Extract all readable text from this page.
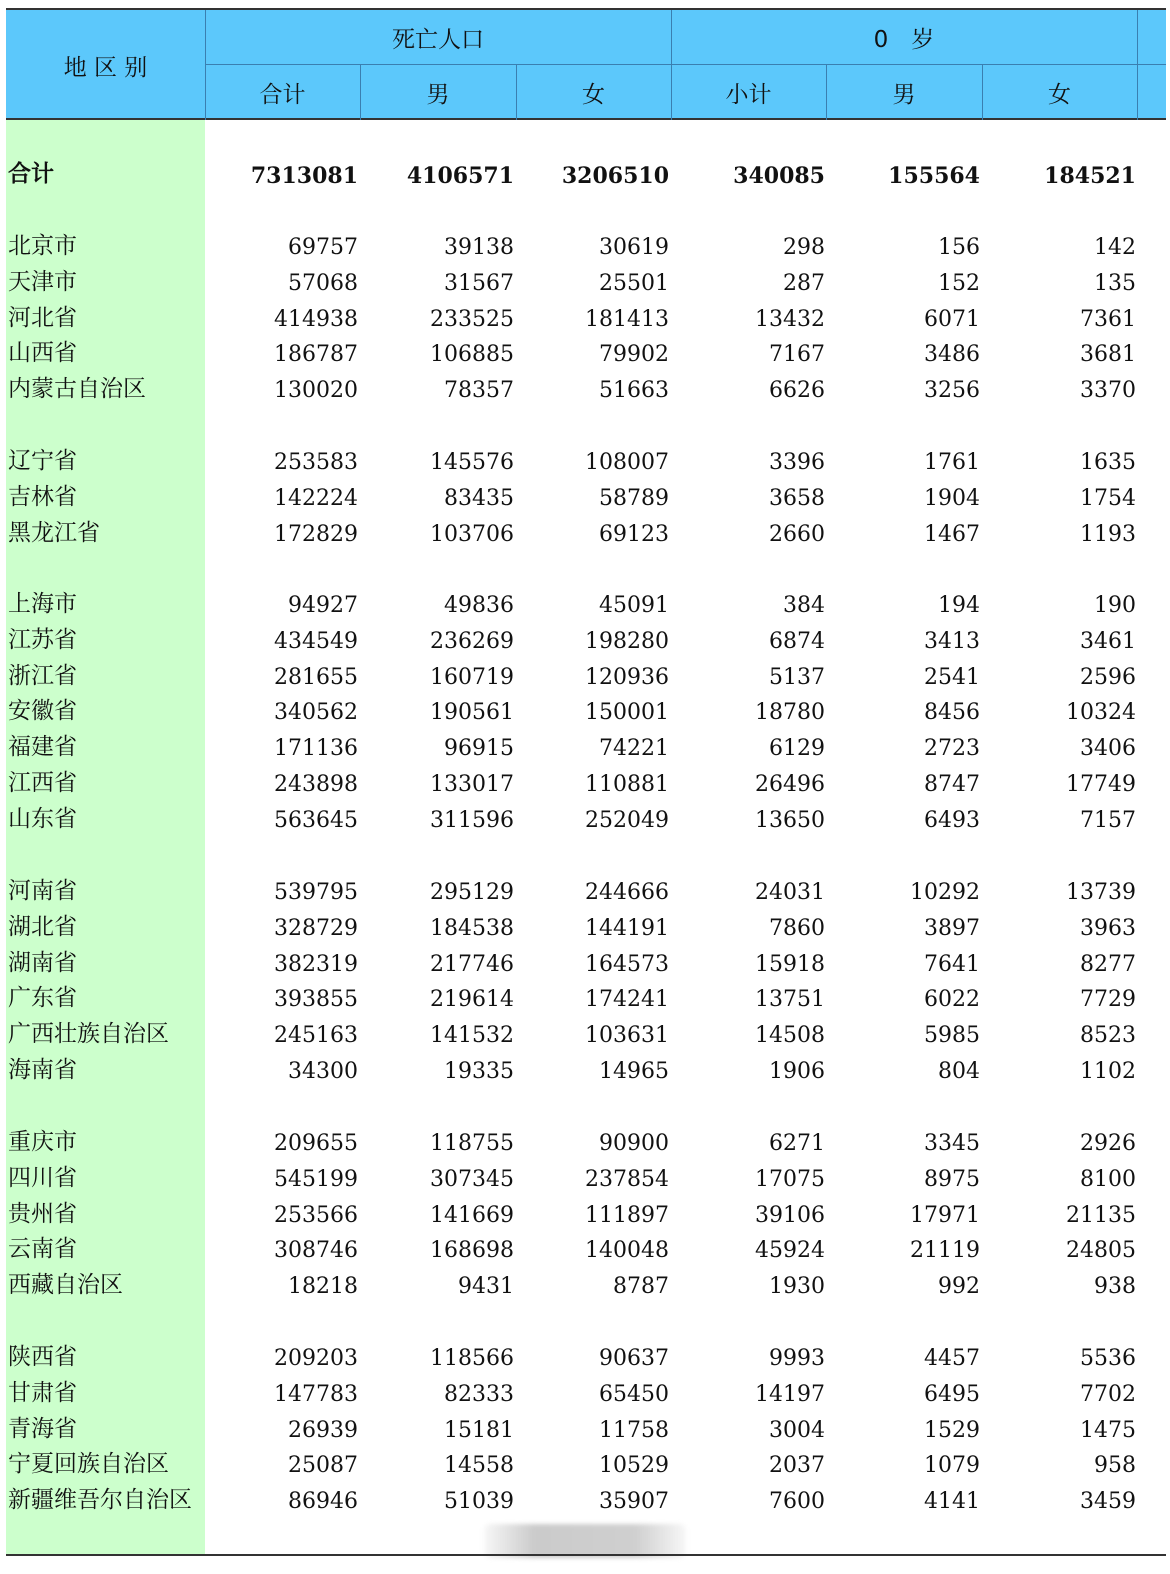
地 区 别
死亡人口	0　岁
合计	男	女	小计	男	女
合计	7313081	4106571	3206510	340085	155564	184521
北京市	69757	39138	30619	298	156	142
天津市	57068	31567	25501	287	152	135
河北省	414938	233525	181413	13432	6071	7361
山西省	186787	106885	79902	7167	3486	3681
内蒙古自治区	130020	78357	51663	6626	3256	3370
辽宁省	253583	145576	108007	3396	1761	1635
吉林省	142224	83435	58789	3658	1904	1754
黑龙江省	172829	103706	69123	2660	1467	1193
上海市	94927	49836	45091	384	194	190
江苏省	434549	236269	198280	6874	3413	3461
浙江省	281655	160719	120936	5137	2541	2596
安徽省	340562	190561	150001	18780	8456	10324
福建省	171136	96915	74221	6129	2723	3406
江西省	243898	133017	110881	26496	8747	17749
山东省	563645	311596	252049	13650	6493	7157
河南省	539795	295129	244666	24031	10292	13739
湖北省	328729	184538	144191	7860	3897	3963
湖南省	382319	217746	164573	15918	7641	8277
广东省	393855	219614	174241	13751	6022	7729
广西壮族自治区	245163	141532	103631	14508	5985	8523
海南省	34300	19335	14965	1906	804	1102
重庆市	209655	118755	90900	6271	3345	2926
四川省	545199	307345	237854	17075	8975	8100
贵州省	253566	141669	111897	39106	17971	21135
云南省	308746	168698	140048	45924	21119	24805
西藏自治区	18218	9431	8787	1930	992	938
陕西省	209203	118566	90637	9993	4457	5536
甘肃省	147783	82333	65450	14197	6495	7702
青海省	26939	15181	11758	3004	1529	1475
宁夏回族自治区	25087	14558	10529	2037	1079	958
新疆维吾尔自治区	86946	51039	35907	7600	4141	3459
